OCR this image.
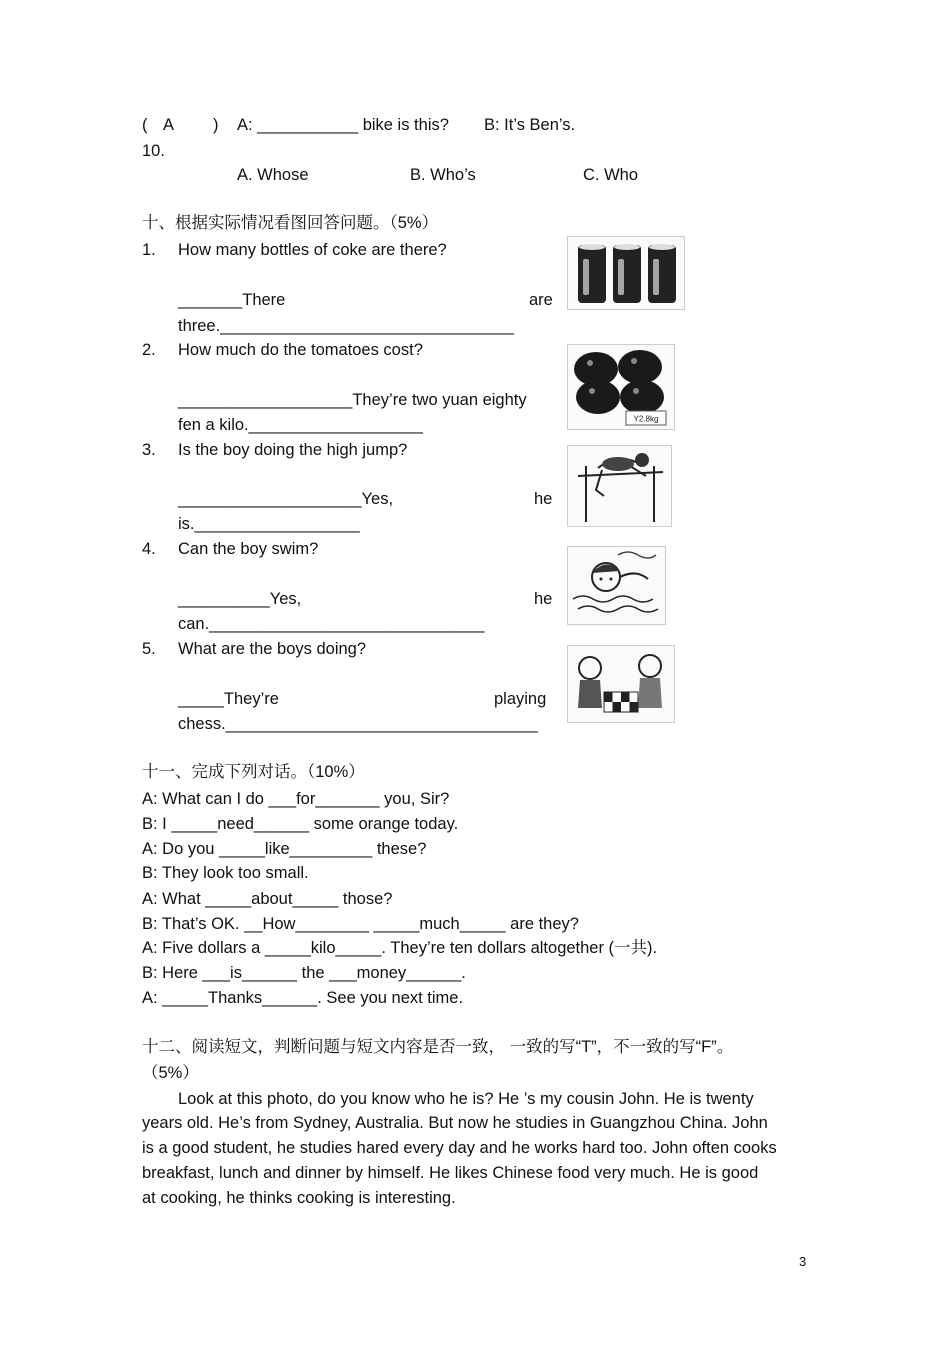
( A ) A: ___________ bike is this? B: It’s Ben’s.
10.
A. Whose	B. Who’s	C. Who
十、根据实际情况看图回答问题。（5%）
1. How many bottles of coke are there?
_______There	are
three.________________________________
2. How much do the tomatoes cost?
___________________They’re two yuan eighty
fen a kilo.___________________	Y2.8kg
3. Is the boy doing the high jump?
____________________Yes,	he
is.__________________
4. Can the boy swim?
__________Yes,	he
can.______________________________
5. What are the boys doing?
_____They’re	playing
chess.__________________________________
十一、完成下列对话。（10%）
A: What can I do ___for_______ you, Sir?
B: I _____need______ some orange today.
A: Do you _____like_________ these?
B: They look too small.
A: What _____about_____ those?
B: That’s OK. __How________ _____much_____ are they?
A: Five dollars a _____kilo_____. They’re ten dollars altogether (一共).
B: Here ___is______ the ___money______.
A: _____Thanks______. See you next time.
十二、阅读短文，判断问题与短文内容是否一致， 一致的写“T”，不一致的写“F”。
（5%）
Look at this photo, do you know who he is? He ’s my cousin John. He is twenty
years old. He’s from Sydney, Australia. But now he studies in Guangzhou China. John
is a good student, he studies hared every day and he works hard too. John often cooks
breakfast, lunch and dinner by himself. He likes Chinese food very much. He is good
at cooking, he thinks cooking is interesting.
3
